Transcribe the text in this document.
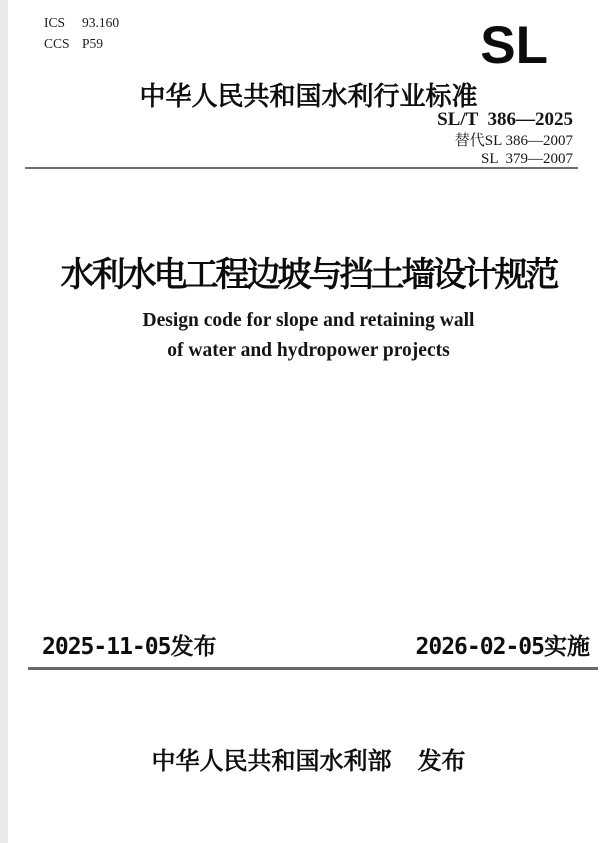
ICS 93.160
CCS P59	SL
中华人民共和国水利行业标准
SL/T  386—2025
替代SL 386—2007
SL  379—2007
水利水电工程边坡与挡土墙设计规范
Design code for slope and retaining wall
of water and hydropower projects
2025-11-05发布	2026-02-05实施
中华人民共和国水利部 发布
